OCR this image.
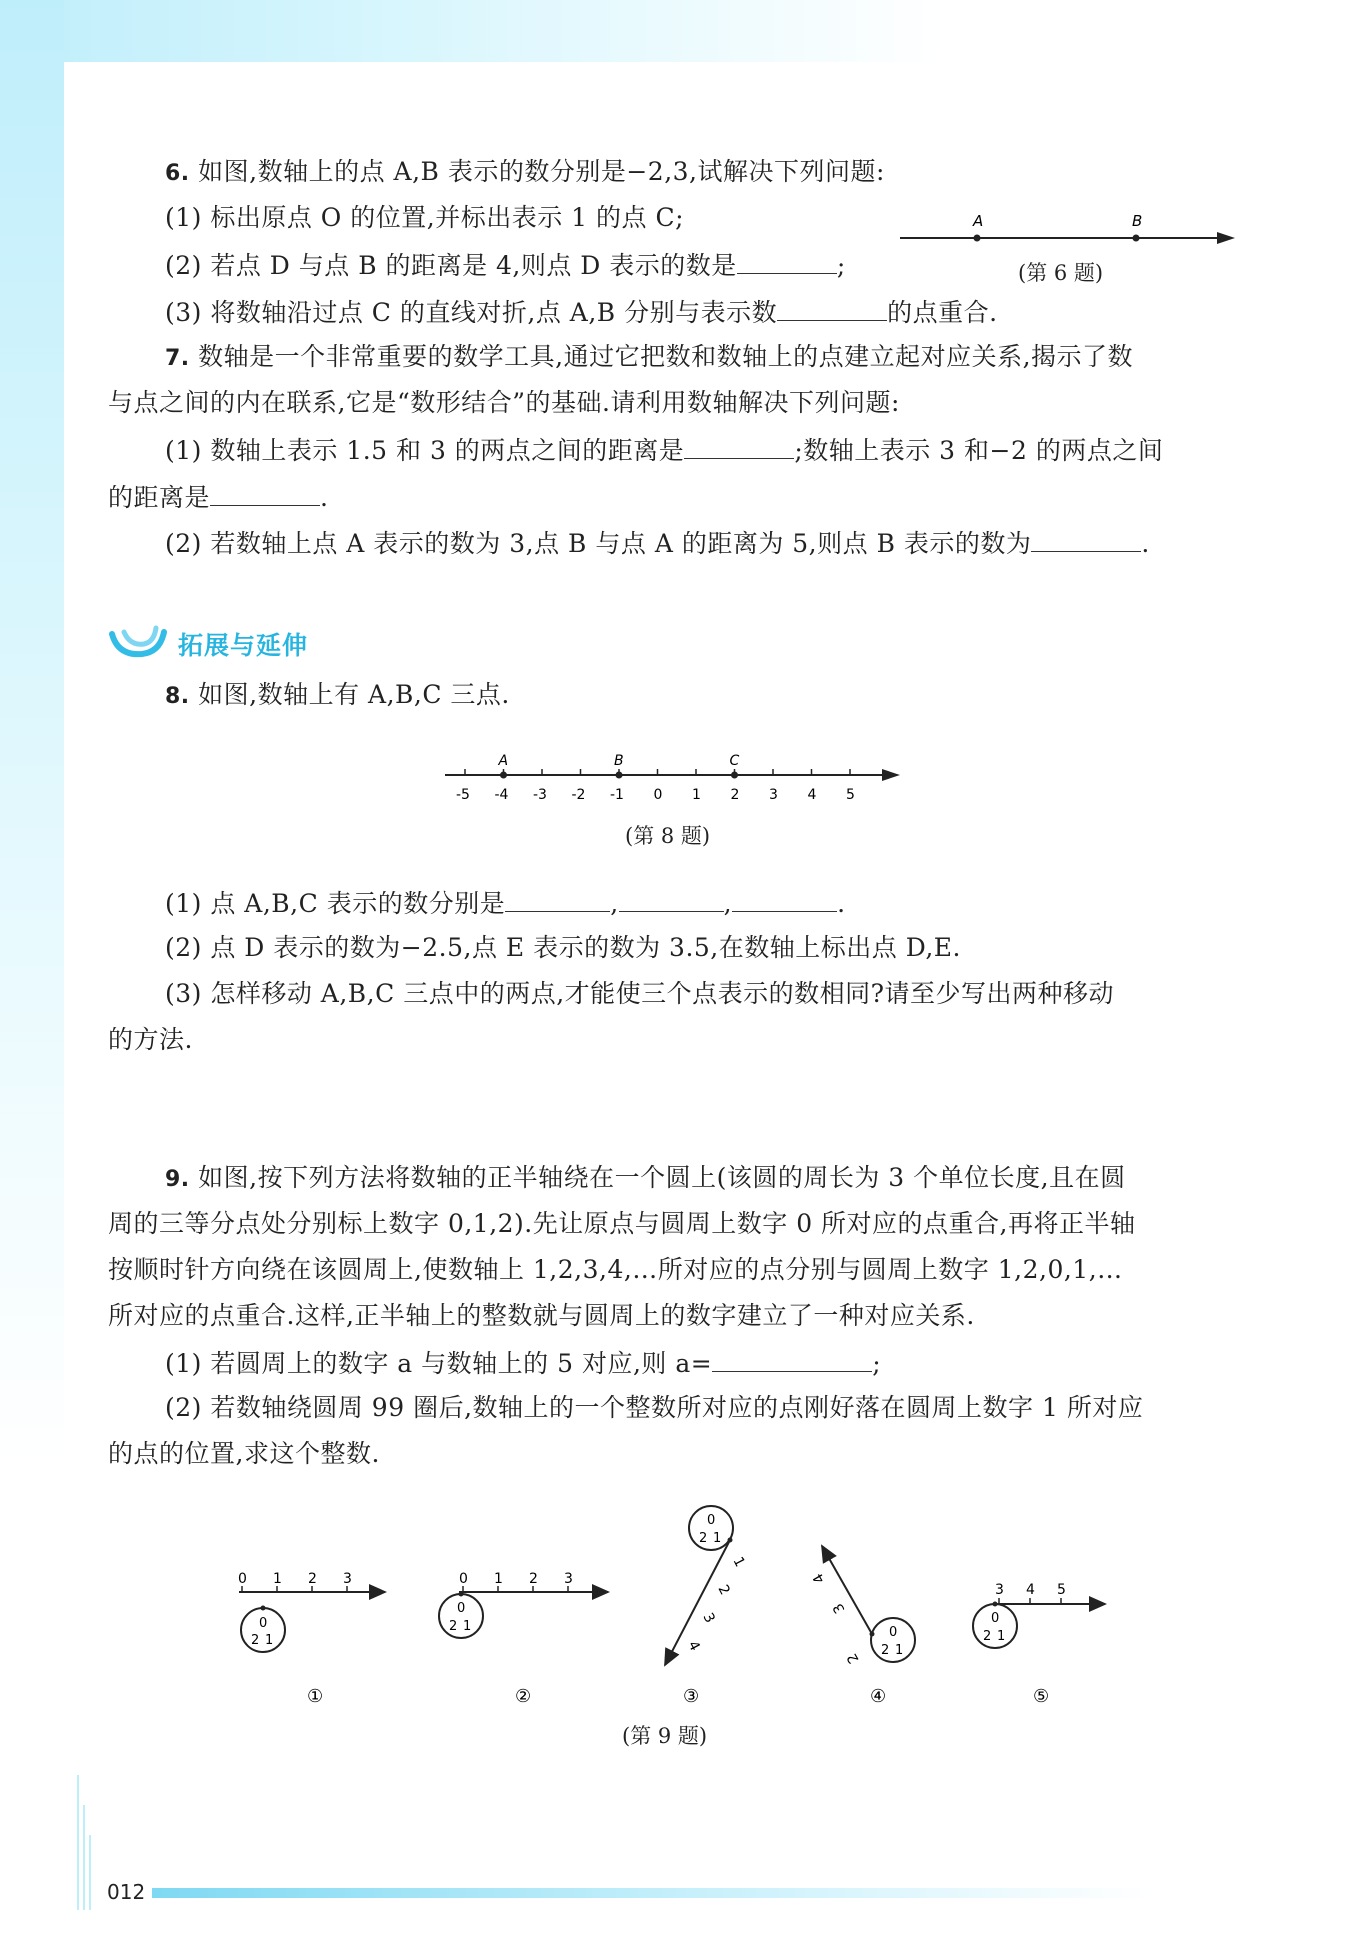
6. 如图,数轴上的点 A,B 表示的数分别是−2,3,试解决下列问题:
(1) 标出原点 O 的位置,并标出表示 1 的点 C;
(2) 若点 D 与点 B 的距离是 4,则点 D 表示的数是	;
(3) 将数轴沿过点 C 的直线对折,点 A,B 分别与表示数	的点重合.
A	B
(第 6 题)
7. 数轴是一个非常重要的数学工具,通过它把数和数轴上的点建立起对应关系,揭示了数
与点之间的内在联系,它是“数形结合”的基础.请利用数轴解决下列问题:
(1) 数轴上表示 1.5 和 3 的两点之间的距离是	;数轴上表示 3 和−2 的两点之间
的距离是	.
(2) 若数轴上点 A 表示的数为 3,点 B 与点 A 的距离为 5,则点 B 表示的数为	.
拓展与延伸
8. 如图,数轴上有 A,B,C 三点.
-5 -4 -3 -2 -1 0 1 2 3 4 5
A	B	C
(第 8 题)
(1) 点 A,B,C 表示的数分别是	,	,	.
(2) 点 D 表示的数为−2.5,点 E 表示的数为 3.5,在数轴上标出点 D,E.
(3) 怎样移动 A,B,C 三点中的两点,才能使三个点表示的数相同?请至少写出两种移动
的方法.
9. 如图,按下列方法将数轴的正半轴绕在一个圆上(该圆的周长为 3 个单位长度,且在圆
周的三等分点处分别标上数字 0,1,2).先让原点与圆周上数字 0 所对应的点重合,再将正半轴
按顺时针方向绕在该圆周上,使数轴上 1,2,3,4,…所对应的点分别与圆周上数字 1,2,0,1,…
所对应的点重合.这样,正半轴上的整数就与圆周上的数字建立了一种对应关系.
(1) 若圆周上的数字 a 与数轴上的 5 对应,则 a=	;
(2) 若数轴绕圆周 99 圈后,数轴上的一个整数所对应的点刚好落在圆周上数字 1 所对应
的点的位置,求这个整数.
0 1 2 3
0
2 1
①
0 1 2 3
0
2 1
②
0
2 1
1
2
3
4
③
0
2 1
2
3
4
④
0
2 1
3 4 5
⑤
(第 9 题)
012
